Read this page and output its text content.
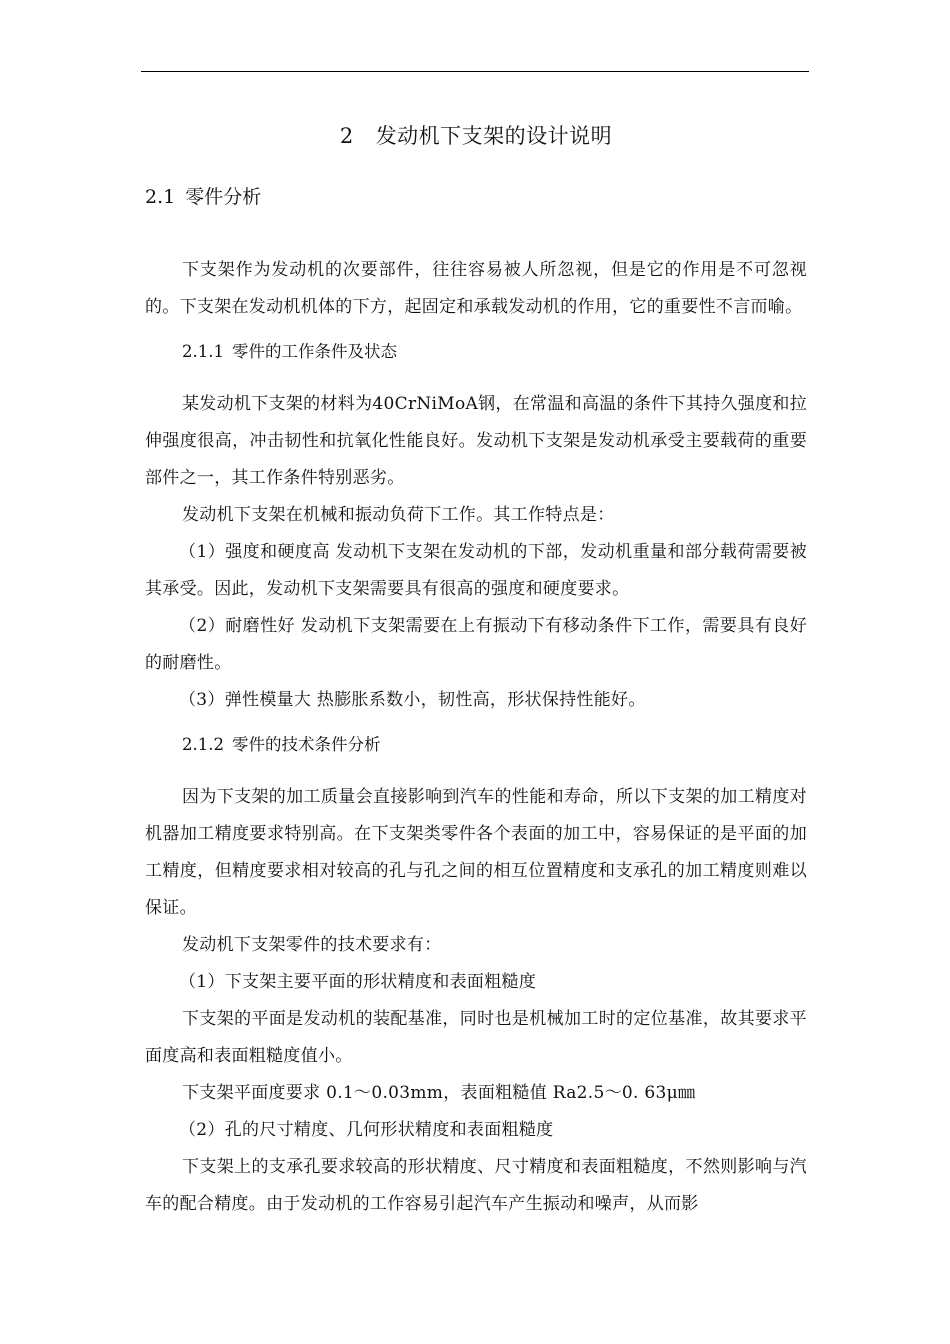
2 发动机下支架的设计说明
2.1 零件分析

下支架作为发动机的次要部件，往往容易被人所忽视，但是它的作用是不可忽视的。下支架在发动机机体的下方，起固定和承载发动机的作用，它的重要性不言而喻。

2.1.1 零件的工作条件及状态

某发动机下支架的材料为40CrNiMoA钢，在常温和高温的条件下其持久强度和拉伸强度很高，冲击韧性和抗氧化性能良好。发动机下支架是发动机承受主要载荷的重要部件之一，其工作条件特别恶劣。

发动机下支架在机械和振动负荷下工作。其工作特点是：

（1）强度和硬度高 发动机下支架在发动机的下部，发动机重量和部分载荷需要被其承受。因此，发动机下支架需要具有很高的强度和硬度要求。

（2）耐磨性好 发动机下支架需要在上有振动下有移动条件下工作，需要具有良好的耐磨性。

（3）弹性模量大 热膨胀系数小，韧性高，形状保持性能好。

2.1.2 零件的技术条件分析

因为下支架的加工质量会直接影响到汽车的性能和寿命，所以下支架的加工精度对机器加工精度要求特别高。在下支架类零件各个表面的加工中，容易保证的是平面的加工精度，但精度要求相对较高的孔与孔之间的相互位置精度和支承孔的加工精度则难以保证。

发动机下支架零件的技术要求有：

（1）下支架主要平面的形状精度和表面粗糙度

下支架的平面是发动机的装配基准，同时也是机械加工时的定位基准，故其要求平面度高和表面粗糙度值小。

下支架平面度要求 0.1～0.03mm，表面粗糙值 Ra2.5～0. 63μ㎜

（2）孔的尺寸精度、几何形状精度和表面粗糙度

下支架上的支承孔要求较高的形状精度、尺寸精度和表面粗糙度，不然则影响与汽车的配合精度。由于发动机的工作容易引起汽车产生振动和噪声，从而影
